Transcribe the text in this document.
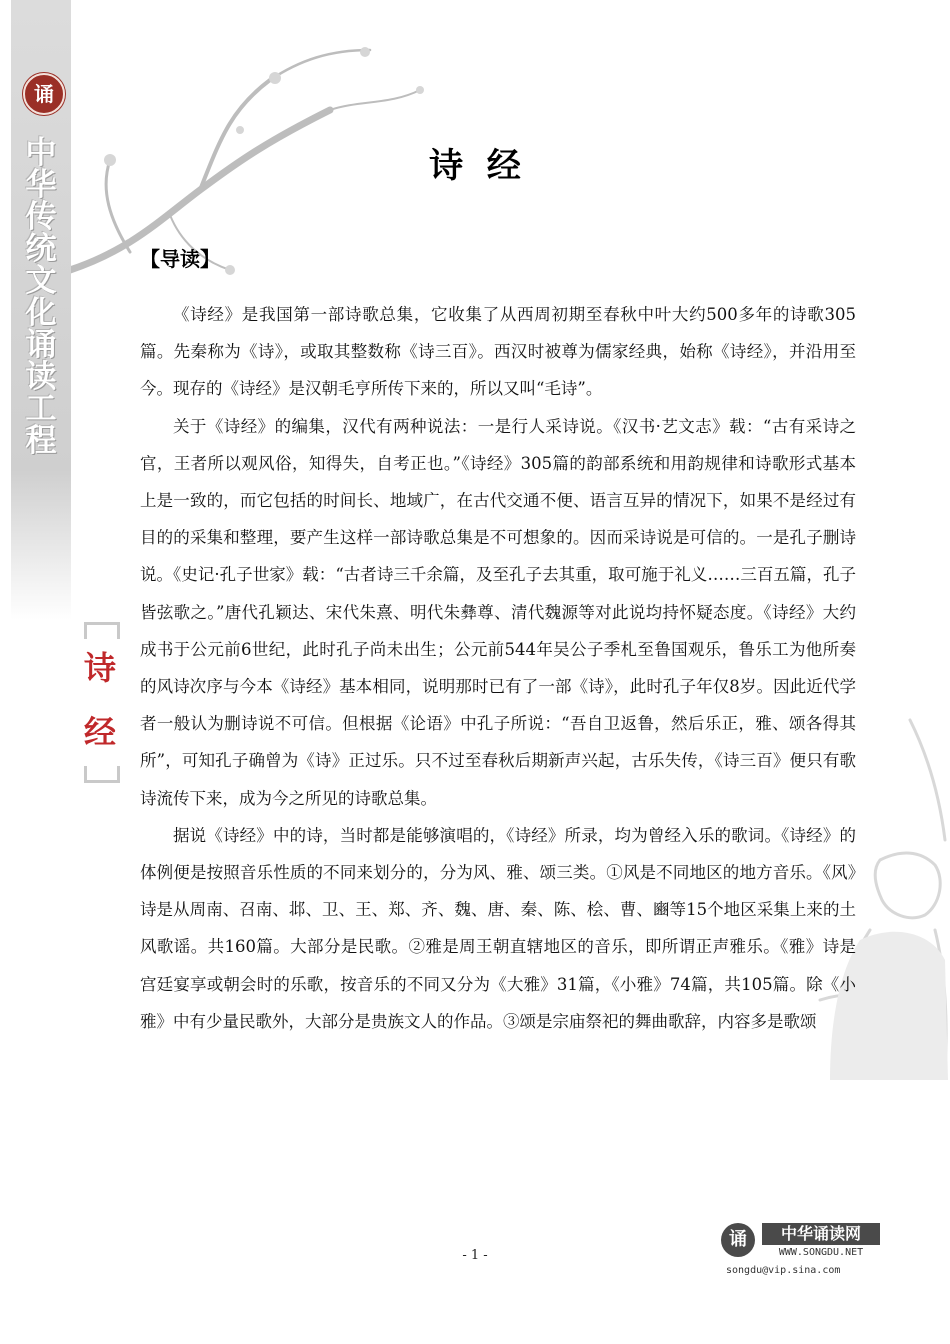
诵
中
华
传
统
文
化
诵
读
工
程
诗
经
诗  经
【导读】

《诗经》是我国第一部诗歌总集，它收集了从西周初期至春秋中叶大约500多年的诗歌305篇。先秦称为《诗》，或取其整数称《诗三百》。西汉时被尊为儒家经典，始称《诗经》，并沿用至今。现存的《诗经》是汉朝毛亨所传下来的，所以又叫“毛诗”。

关于《诗经》的编集，汉代有两种说法：一是行人采诗说。《汉书·艺文志》载：“古有采诗之官，王者所以观风俗，知得失，自考正也。”《诗经》305篇的韵部系统和用韵规律和诗歌形式基本上是一致的，而它包括的时间长、地域广，在古代交通不便、语言互异的情况下，如果不是经过有目的的采集和整理，要产生这样一部诗歌总集是不可想象的。因而采诗说是可信的。一是孔子删诗说。《史记·孔子世家》载：“古者诗三千余篇，及至孔子去其重，取可施于礼义……三百五篇，孔子皆弦歌之。”唐代孔颖达、宋代朱熹、明代朱彝尊、清代魏源等对此说均持怀疑态度。《诗经》大约成书于公元前6世纪，此时孔子尚未出生；公元前544年吴公子季札至鲁国观乐，鲁乐工为他所奏的风诗次序与今本《诗经》基本相同，说明那时已有了一部《诗》，此时孔子年仅8岁。因此近代学者一般认为删诗说不可信。但根据《论语》中孔子所说：“吾自卫返鲁，然后乐正，雅、颂各得其所”，可知孔子确曾为《诗》正过乐。只不过至春秋后期新声兴起，古乐失传，《诗三百》便只有歌诗流传下来，成为今之所见的诗歌总集。

据说《诗经》中的诗，当时都是能够演唱的，《诗经》所录，均为曾经入乐的歌词。《诗经》的体例便是按照音乐性质的不同来划分的，分为风、雅、颂三类。①风是不同地区的地方音乐。《风》诗是从周南、召南、邶、卫、王、郑、齐、魏、唐、秦、陈、桧、曹、豳等15个地区采集上来的土风歌谣。共160篇。大部分是民歌。②雅是周王朝直辖地区的音乐，即所谓正声雅乐。《雅》诗是宫廷宴享或朝会时的乐歌，按音乐的不同又分为《大雅》31篇，《小雅》74篇，共105篇。除《小雅》中有少量民歌外，大部分是贵族文人的作品。③颂是宗庙祭祀的舞曲歌辞，内容多是歌颂

- 1 -
诵	中华诵读网
WWW.SONGDU.NET
songdu@vip.sina.com
